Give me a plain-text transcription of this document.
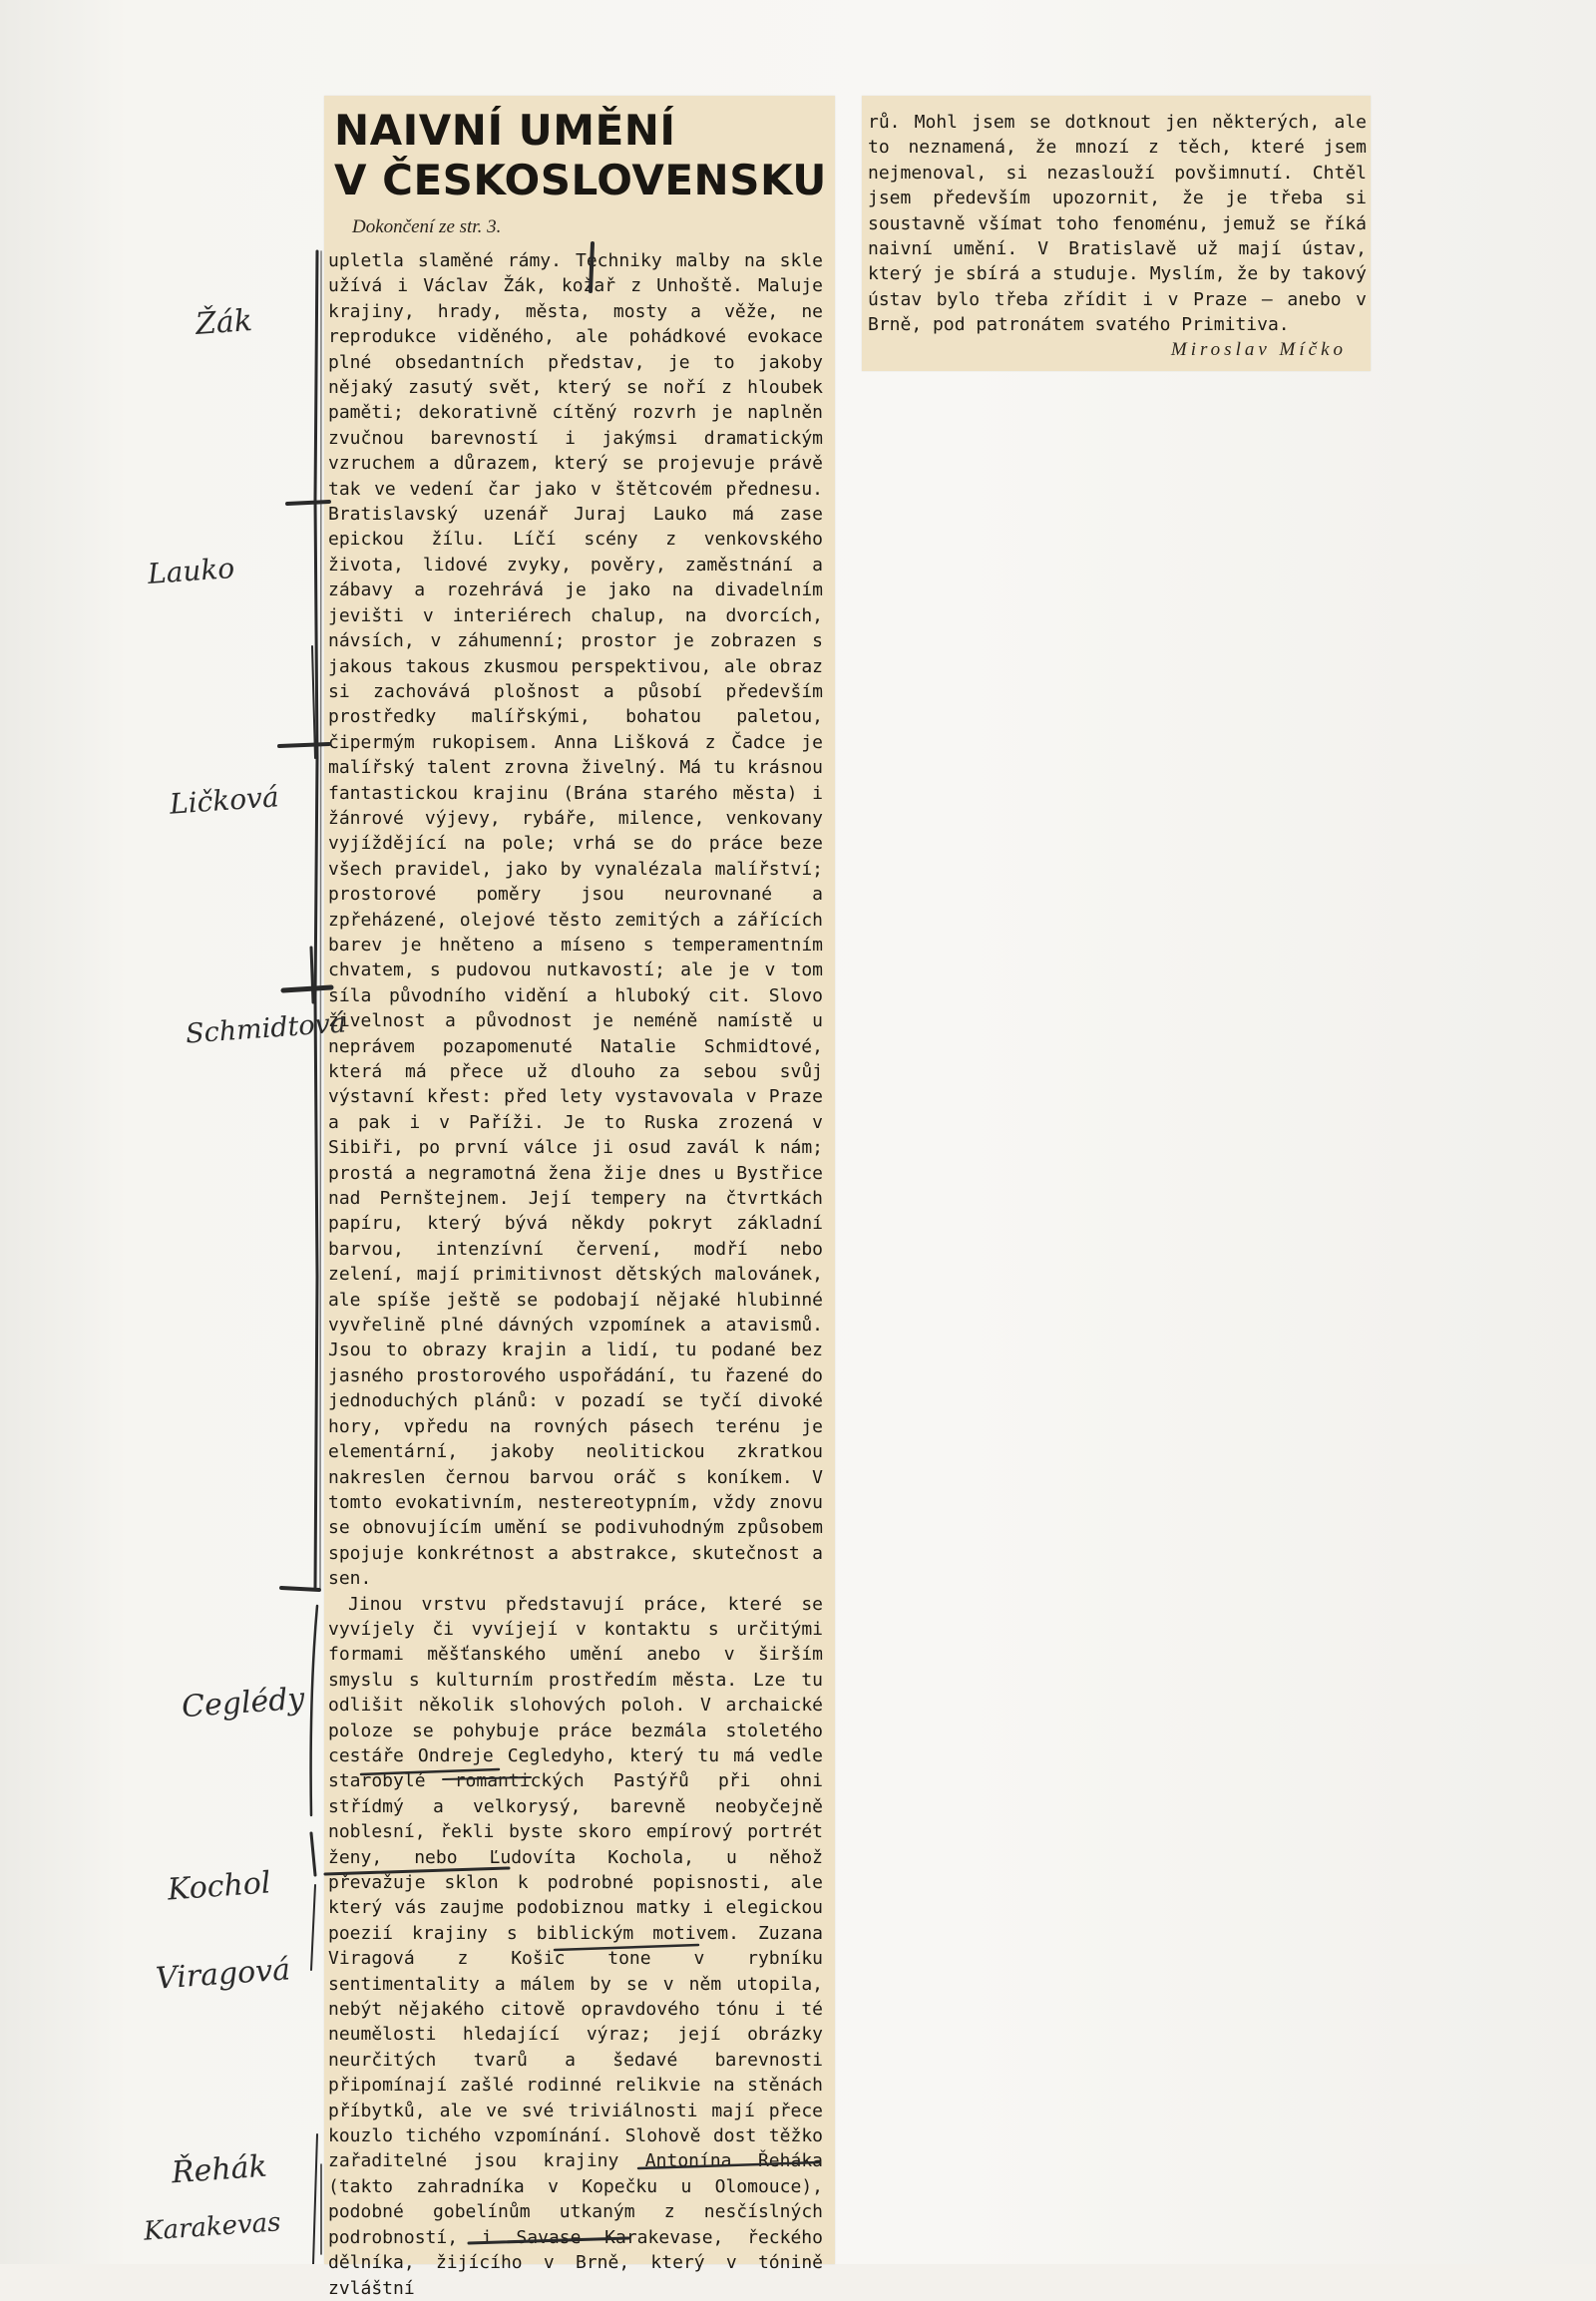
NAIVNÍ UMĚNÍ
V ČESKOSLOVENSKU
Dokončení ze str. 3.

upletla slaměné rámy. Techniky malby na skle užívá i Václav Žák, kožař z Unhoště. Maluje krajiny, hrady, města, mosty a věže, ne reprodukce viděného, ale pohádkové evokace plné obsedantních představ, je to jakoby nějaký zasutý svět, který se noří z hloubek paměti; dekorativně cítěný rozvrh je naplněn zvučnou barevností i jakýmsi dramatickým vzruchem a důrazem, který se projevuje právě tak ve vedení čar jako v štětcovém přednesu. Bratislavský uzenář Juraj Lauko má zase epickou žílu. Líčí scény z venkovského života, lidové zvyky, pověry, zaměstnání a zábavy a rozehrává je jako na divadelním jevišti v interiérech chalup, na dvorcích, návsích, v záhumenní; prostor je zobrazen s jakous takous zkusmou perspektivou, ale obraz si zachovává plošnost a působí především prostředky malířskými, bohatou paletou, čipermým rukopisem. Anna Lišková z Čadce je malířský talent zrovna živelný. Má tu krásnou fantastickou krajinu (Brána starého města) i žánrové výjevy, rybáře, milence, venkovany vyjíždějící na pole; vrhá se do práce beze všech pravidel, jako by vynalézala malířství; prostorové poměry jsou neurovnané a zpřeházené, olejové těsto zemitých a zářících barev je hněteno a míseno s temperamentním chvatem, s pudovou nutkavostí; ale je v tom síla původního vidění a hluboký cit. Slovo živelnost a původnost je neméně namístě u neprávem pozapomenuté Natalie Schmidtové, která má přece už dlouho za sebou svůj výstavní křest: před lety vystavovala v Praze a pak i v Paříži. Je to Ruska zrozená v Sibiři, po první válce ji osud zavál k nám; prostá a negramotná žena žije dnes u Bystřice nad Pernštejnem. Její tempery na čtvrtkách papíru, který bývá někdy pokryt základní barvou, intenzívní červení, modří nebo zelení, mají primitivnost dětských malovánek, ale spíše ještě se podobají nějaké hlubinné vyvřelině plné dávných vzpomínek a atavismů. Jsou to obrazy krajin a lidí, tu podané bez jasného prostorového uspořádání, tu řazené do jednoduchých plánů: v pozadí se tyčí divoké hory, vpředu na rovných pásech terénu je elementární, jakoby neolitickou zkratkou nakreslen černou barvou oráč s koníkem. V tomto evokativním, nestereotypním, vždy znovu se obnovujícím umění se podivuhodným způsobem spojuje konkrétnost a abstrakce, skutečnost a sen.

Jinou vrstvu představují práce, které se vyvíjely či vyvíjejí v kontaktu s určitými formami měšťanského umění anebo v širším smyslu s kulturním prostředím města. Lze tu odlišit několik slohových poloh. V archaické poloze se pohybuje práce bezmála stoletého cestáře Ondreje Cegledyho, který tu má vedle starobylé romantických Pastýřů při ohni střídmý a velkorysý, barevně neobyčejně noblesní, řekli byste skoro empírový portrét ženy, nebo Ľudovíta Kochola, u něhož převažuje sklon k podrobné popisnosti, ale který vás zaujme podobiznou matky i elegickou poezií krajiny s biblickým motivem. Zuzana Viragová z Košic tone v rybníku sentimentality a málem by se v něm utopila, nebýt nějakého citově opravdového tónu i té neumělosti hledající výraz; její obrázky neurčitých tvarů a šedavé barevnosti připomínají zašlé rodinné relikvie na stěnách příbytků, ale ve své triviálnosti mají přece kouzlo tichého vzpomínání. Slohově dost těžko zařaditelné jsou krajiny Antonína Řeháka (takto zahradníka v Kopečku u Olomouce), podobné gobelínům utkaným z nesčíslných podrobností, i Savase Karakevase, řeckého dělníka, žijícího v Brně, který v tónině zvláštní

rů. Mohl jsem se dotknout jen některých, ale to neznamená, že mnozí z těch, které jsem nejmenoval, si nezaslouží povšimnutí. Chtěl jsem především upozornit, že je třeba si soustavně všímat toho fenoménu, jemuž se říká naivní umění. V Bratislavě už mají ústav, který je sbírá a studuje. Myslím, že by takový ústav bylo třeba zřídit i v Praze — anebo v Brně, pod patronátem svatého Primitiva.

Miroslav Míčko
Žák
Lauko
Ličková
Schmidtová
Ceglédy
Kochol
Viragová
Řehák
Karakevas
